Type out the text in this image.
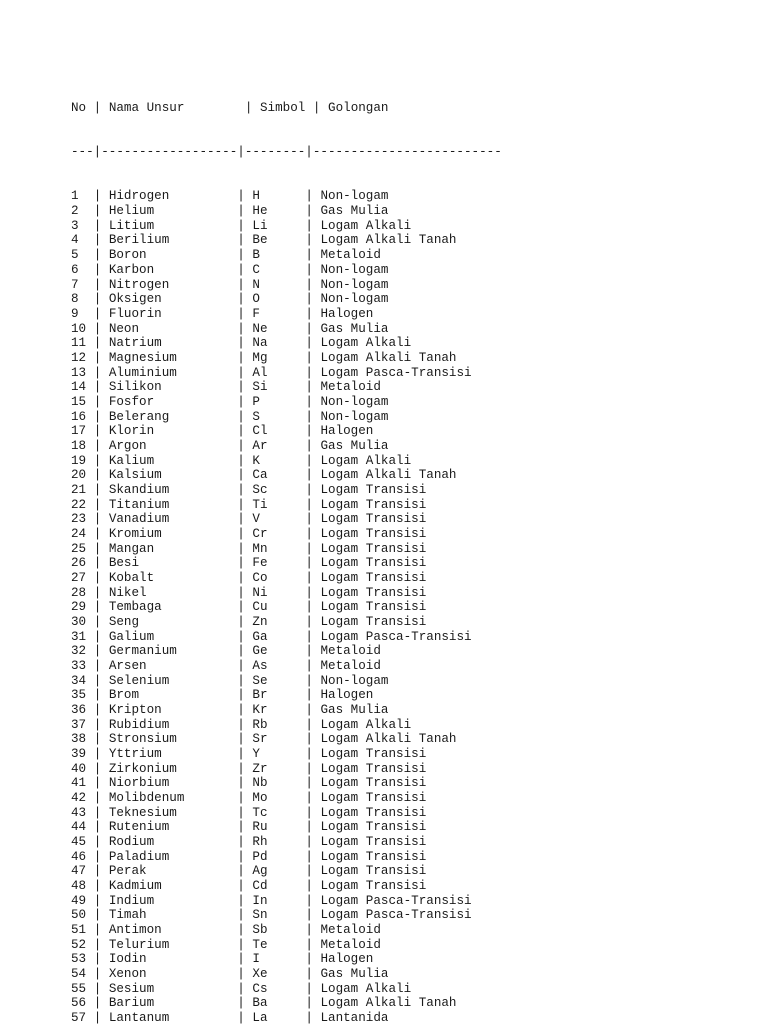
No | Nama Unsur        | Simbol | Golongan

---|------------------|--------|-------------------------

1  | Hidrogen         | H      | Non-logam
2  | Helium           | He     | Gas Mulia
3  | Litium           | Li     | Logam Alkali
4  | Berilium         | Be     | Logam Alkali Tanah
5  | Boron            | B      | Metaloid
6  | Karbon           | C      | Non-logam
7  | Nitrogen         | N      | Non-logam
8  | Oksigen          | O      | Non-logam
9  | Fluorin          | F      | Halogen
10 | Neon             | Ne     | Gas Mulia
11 | Natrium          | Na     | Logam Alkali
12 | Magnesium        | Mg     | Logam Alkali Tanah
13 | Aluminium        | Al     | Logam Pasca-Transisi
14 | Silikon          | Si     | Metaloid
15 | Fosfor           | P      | Non-logam
16 | Belerang         | S      | Non-logam
17 | Klorin           | Cl     | Halogen
18 | Argon            | Ar     | Gas Mulia
19 | Kalium           | K      | Logam Alkali
20 | Kalsium          | Ca     | Logam Alkali Tanah
21 | Skandium         | Sc     | Logam Transisi
22 | Titanium         | Ti     | Logam Transisi
23 | Vanadium         | V      | Logam Transisi
24 | Kromium          | Cr     | Logam Transisi
25 | Mangan           | Mn     | Logam Transisi
26 | Besi             | Fe     | Logam Transisi
27 | Kobalt           | Co     | Logam Transisi
28 | Nikel            | Ni     | Logam Transisi
29 | Tembaga          | Cu     | Logam Transisi
30 | Seng             | Zn     | Logam Transisi
31 | Galium           | Ga     | Logam Pasca-Transisi
32 | Germanium        | Ge     | Metaloid
33 | Arsen            | As     | Metaloid
34 | Selenium         | Se     | Non-logam
35 | Brom             | Br     | Halogen
36 | Kripton          | Kr     | Gas Mulia
37 | Rubidium         | Rb     | Logam Alkali
38 | Stronsium        | Sr     | Logam Alkali Tanah
39 | Yttrium          | Y      | Logam Transisi
40 | Zirkonium        | Zr     | Logam Transisi
41 | Niorbium         | Nb     | Logam Transisi
42 | Molibdenum       | Mo     | Logam Transisi
43 | Teknesium        | Tc     | Logam Transisi
44 | Rutenium         | Ru     | Logam Transisi
45 | Rodium           | Rh     | Logam Transisi
46 | Paladium         | Pd     | Logam Transisi
47 | Perak            | Ag     | Logam Transisi
48 | Kadmium          | Cd     | Logam Transisi
49 | Indium           | In     | Logam Pasca-Transisi
50 | Timah            | Sn     | Logam Pasca-Transisi
51 | Antimon          | Sb     | Metaloid
52 | Telurium         | Te     | Metaloid
53 | Iodin            | I      | Halogen
54 | Xenon            | Xe     | Gas Mulia
55 | Sesium           | Cs     | Logam Alkali
56 | Barium           | Ba     | Logam Alkali Tanah
57 | Lantanum         | La     | Lantanida
